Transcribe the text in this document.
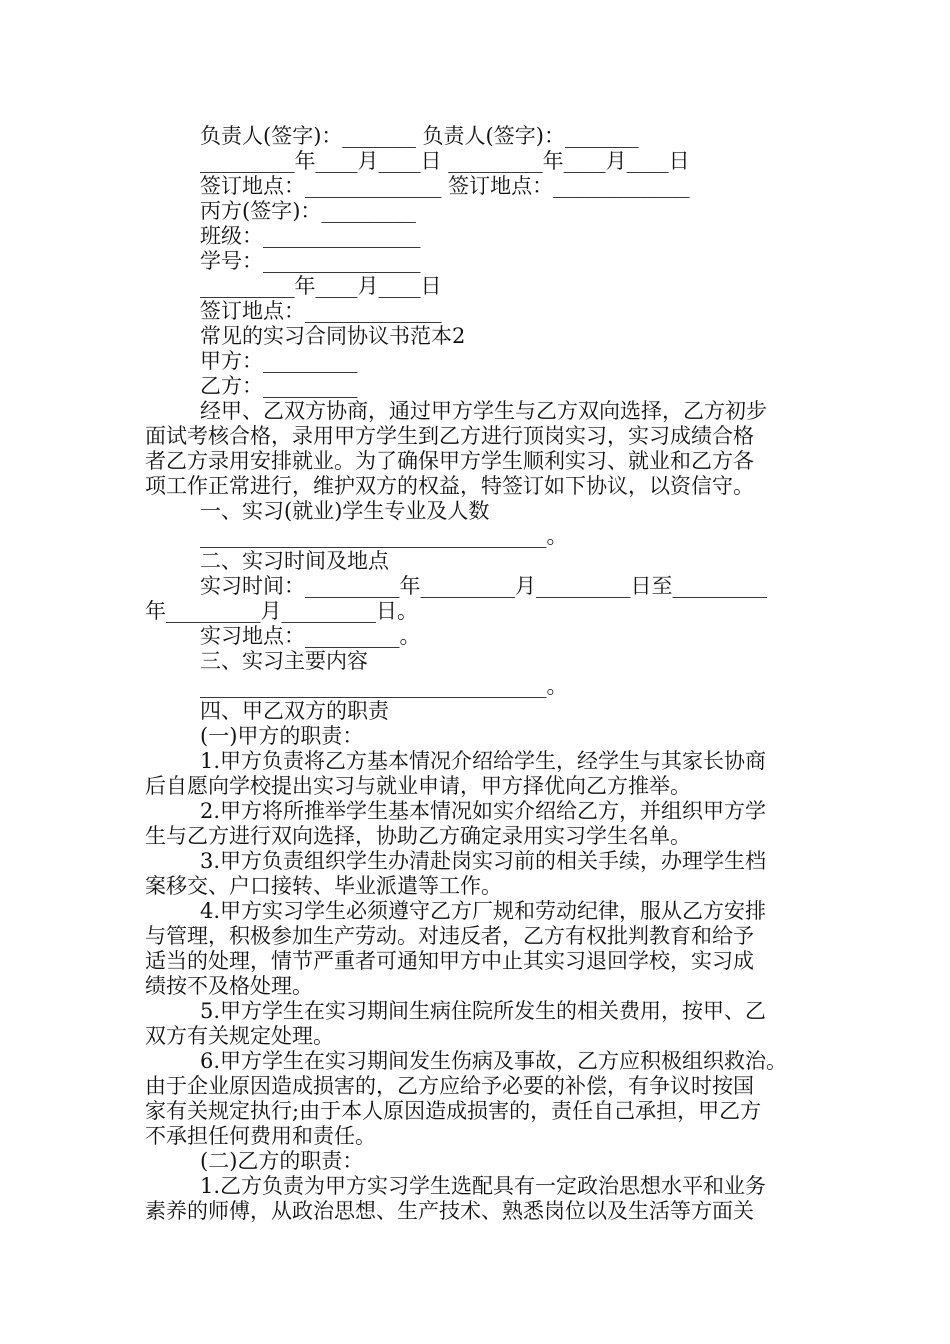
负责人(签字)：_______ 负责人(签字)：_______
_________年____月____日 _________年____月____日
签订地点：_____________ 签订地点：_____________
丙方(签字)：_________
班级：_______________
学号：_______________
_________年____月____日
签订地点：_____________
常见的实习合同协议书范本2
甲方：_________
乙方：_________
经甲、乙双方协商，通过甲方学生与乙方双向选择，乙方初步
面试考核合格，录用甲方学生到乙方进行顶岗实习，实习成绩合格
者乙方录用安排就业。为了确保甲方学生顺利实习、就业和乙方各
项工作正常进行，维护双方的权益，特签订如下协议，以资信守。
一、实习(就业)学生专业及人数
_________________________________。
二、实习时间及地点
实习时间：_________年_________月_________日至_________
年_________月_________日。
实习地点：_________。
三、实习主要内容
_________________________________。
四、甲乙双方的职责
(一)甲方的职责：
1.甲方负责将乙方基本情况介绍给学生，经学生与其家长协商
后自愿向学校提出实习与就业申请，甲方择优向乙方推举。
2.甲方将所推举学生基本情况如实介绍给乙方，并组织甲方学
生与乙方进行双向选择，协助乙方确定录用实习学生名单。
3.甲方负责组织学生办清赴岗实习前的相关手续，办理学生档
案移交、户口接转、毕业派遣等工作。
4.甲方实习学生必须遵守乙方厂规和劳动纪律，服从乙方安排
与管理，积极参加生产劳动。对违反者，乙方有权批判教育和给予
适当的处理，情节严重者可通知甲方中止其实习退回学校，实习成
绩按不及格处理。
5.甲方学生在实习期间生病住院所发生的相关费用，按甲、乙
双方有关规定处理。
6.甲方学生在实习期间发生伤病及事故，乙方应积极组织救治。
由于企业原因造成损害的，乙方应给予必要的补偿，有争议时按国
家有关规定执行;由于本人原因造成损害的，责任自己承担，甲乙方
不承担任何费用和责任。
(二)乙方的职责：
1.乙方负责为甲方实习学生选配具有一定政治思想水平和业务
素养的师傅，从政治思想、生产技术、熟悉岗位以及生活等方面关
